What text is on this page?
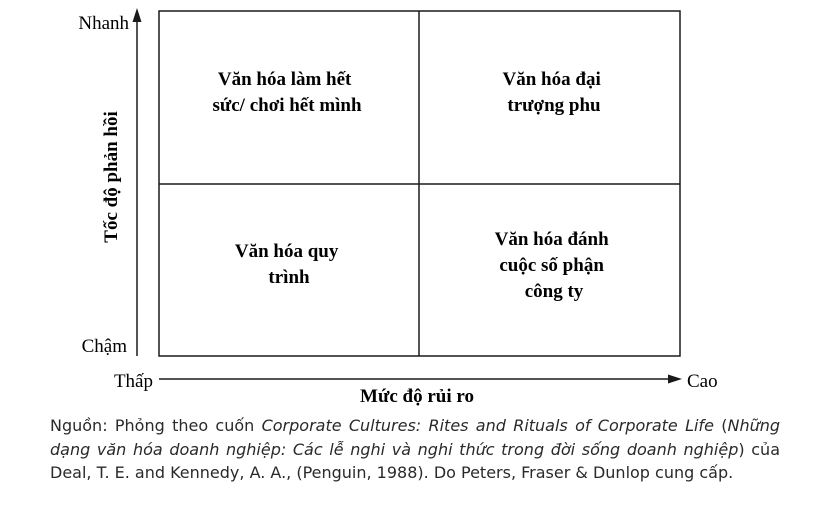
Nhanh
Chậm
Tốc độ phản hồi
Thấp	Cao
Mức độ rủi ro
Văn hóa làm hết sức/ chơi hết mình
Văn hóa đại trượng phu
Văn hóa quy trình
Văn hóa đánh cuộc số phận công ty
Nguồn: Phỏng theo cuốn Corporate Cultures: Rites and Rituals of Corporate Life (Những dạng văn hóa doanh nghiệp: Các lễ nghi và nghi thức trong đời sống doanh nghiệp) của Deal, T. E. and Kennedy, A. A., (Penguin, 1988). Do Peters, Fraser & Dunlop cung cấp.
